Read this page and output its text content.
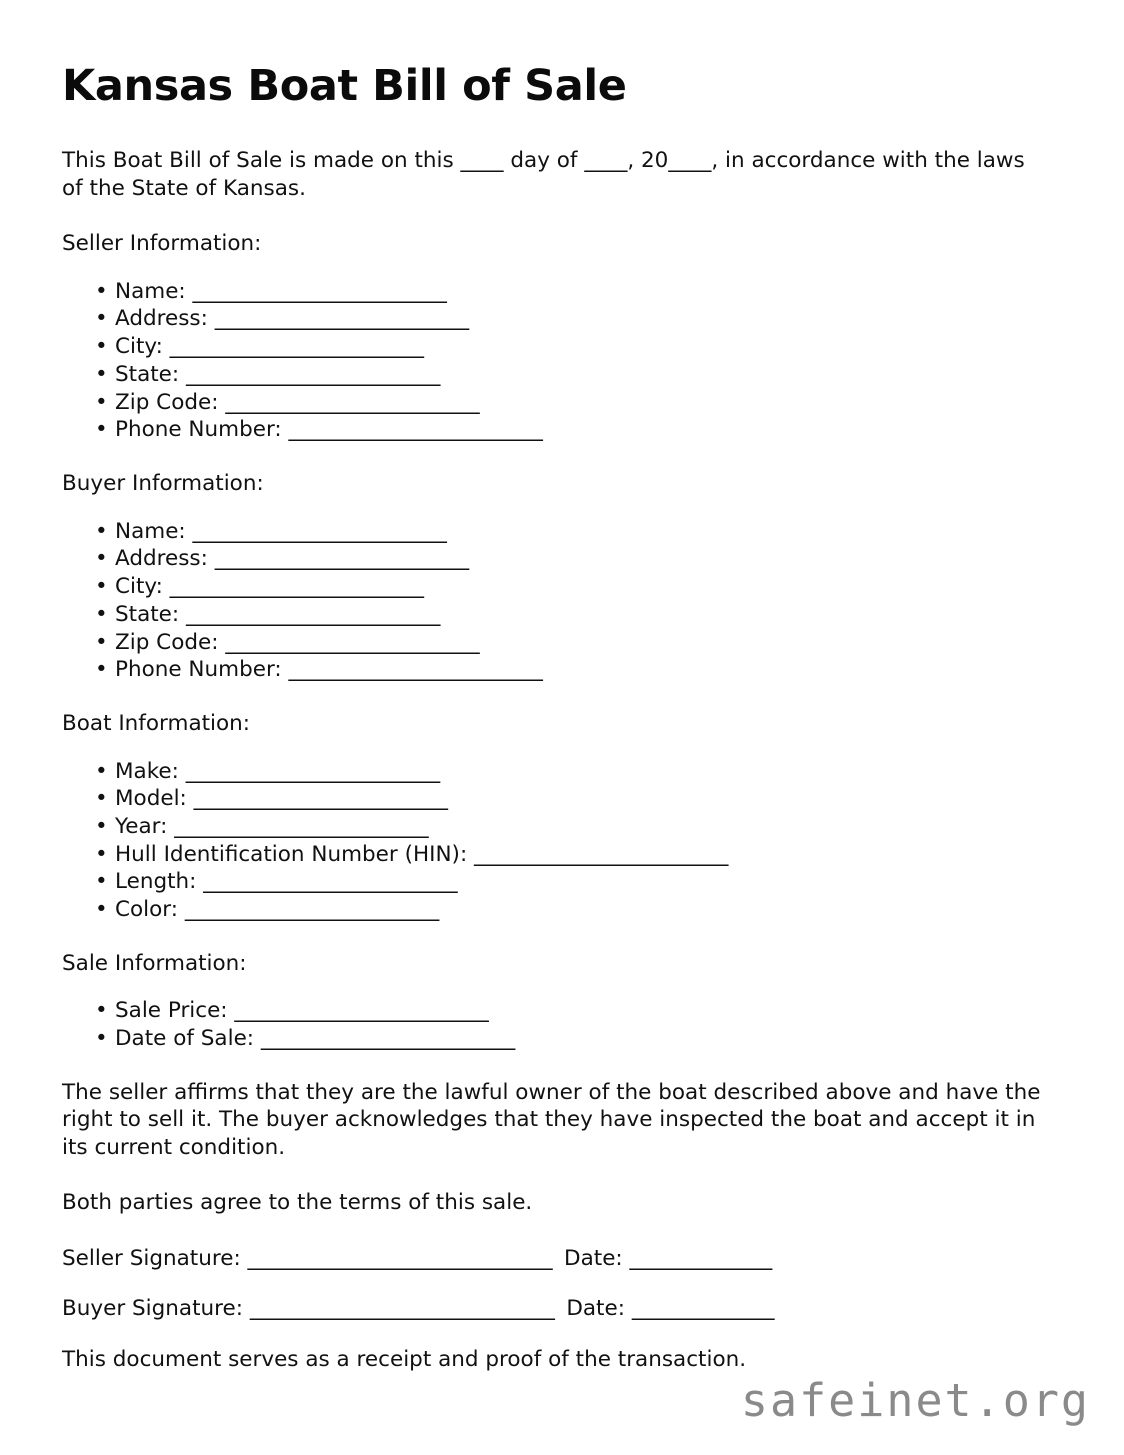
Kansas Boat Bill of Sale

This Boat Bill of Sale is made on this ____ day of ____, 20____, in accordance with the laws of the State of Kansas.

Seller Information:
• Name: _________________________
• Address: _________________________
• City: _________________________
• State: _________________________
• Zip Code: _________________________
• Phone Number: _________________________
Buyer Information:
• Name: _________________________
• Address: _________________________
• City: _________________________
• State: _________________________
• Zip Code: _________________________
• Phone Number: _________________________
Boat Information:
• Make: _________________________
• Model: _________________________
• Year: _________________________
• Hull Identification Number (HIN): _________________________
• Length: _________________________
• Color: _________________________
Sale Information:
• Sale Price: _________________________
• Date of Sale: _________________________

The seller affirms that they are the lawful owner of the boat described above and have the right to sell it. The buyer acknowledges that they have inspected the boat and accept it in its current condition.

Both parties agree to the terms of this sale.

Seller Signature: ______________________________ Date: ______________
Buyer Signature: ______________________________ Date: ______________

This document serves as a receipt and proof of the transaction.

safeinet.org
